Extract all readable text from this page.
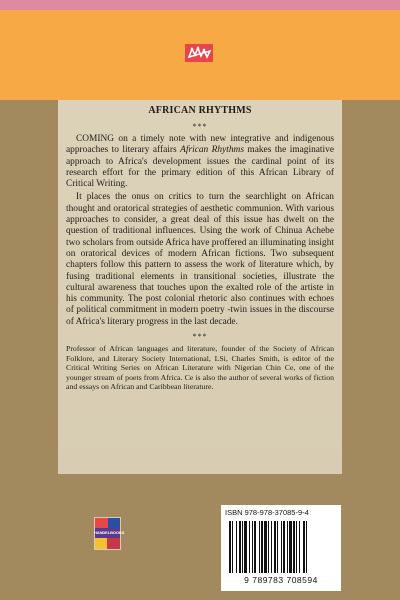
AFRICAN RHYTHMS
***

COMING on a timely note with new integrative and indigenous approaches to literary affairs African Rhythms makes the imaginative approach to Africa's development issues the cardinal point of its research effort for the primary edition of this African Library of Critical Writing.

It places the onus on critics to turn the searchlight on African thought and oratorical strategies of aesthetic communion. With various approaches to consider, a great deal of this issue has dwelt on the question of traditional influences. Using the work of Chinua Achebe two scholars from outside Africa have proffered an illuminating insight on oratorical devices of modern African fictions. Two subsequent chapters follow this pattern to assess the work of literature which, by fusing traditional elements in transitional societies, illustrate the cultural awareness that touches upon the exalted role of the artiste in his community. The post colonial rhetoric also continues with echoes of political commitment in modern poetry -twin issues in the discourse of Africa's literary progress in the last decade.

***

Professor of African languages and literature, founder of the Society of African Folklore, and Literary Society International, LSi, Charles Smith, is editor of the Critical Writing Series on African Literature with Nigerian Chin Ce, one of the younger stream of poets from Africa. Ce is also the author of several works of fiction and essays on African and Caribbean literature.

HANDELBOOKS
ISBN 978-978-37085-9-4
9 789783 708594
